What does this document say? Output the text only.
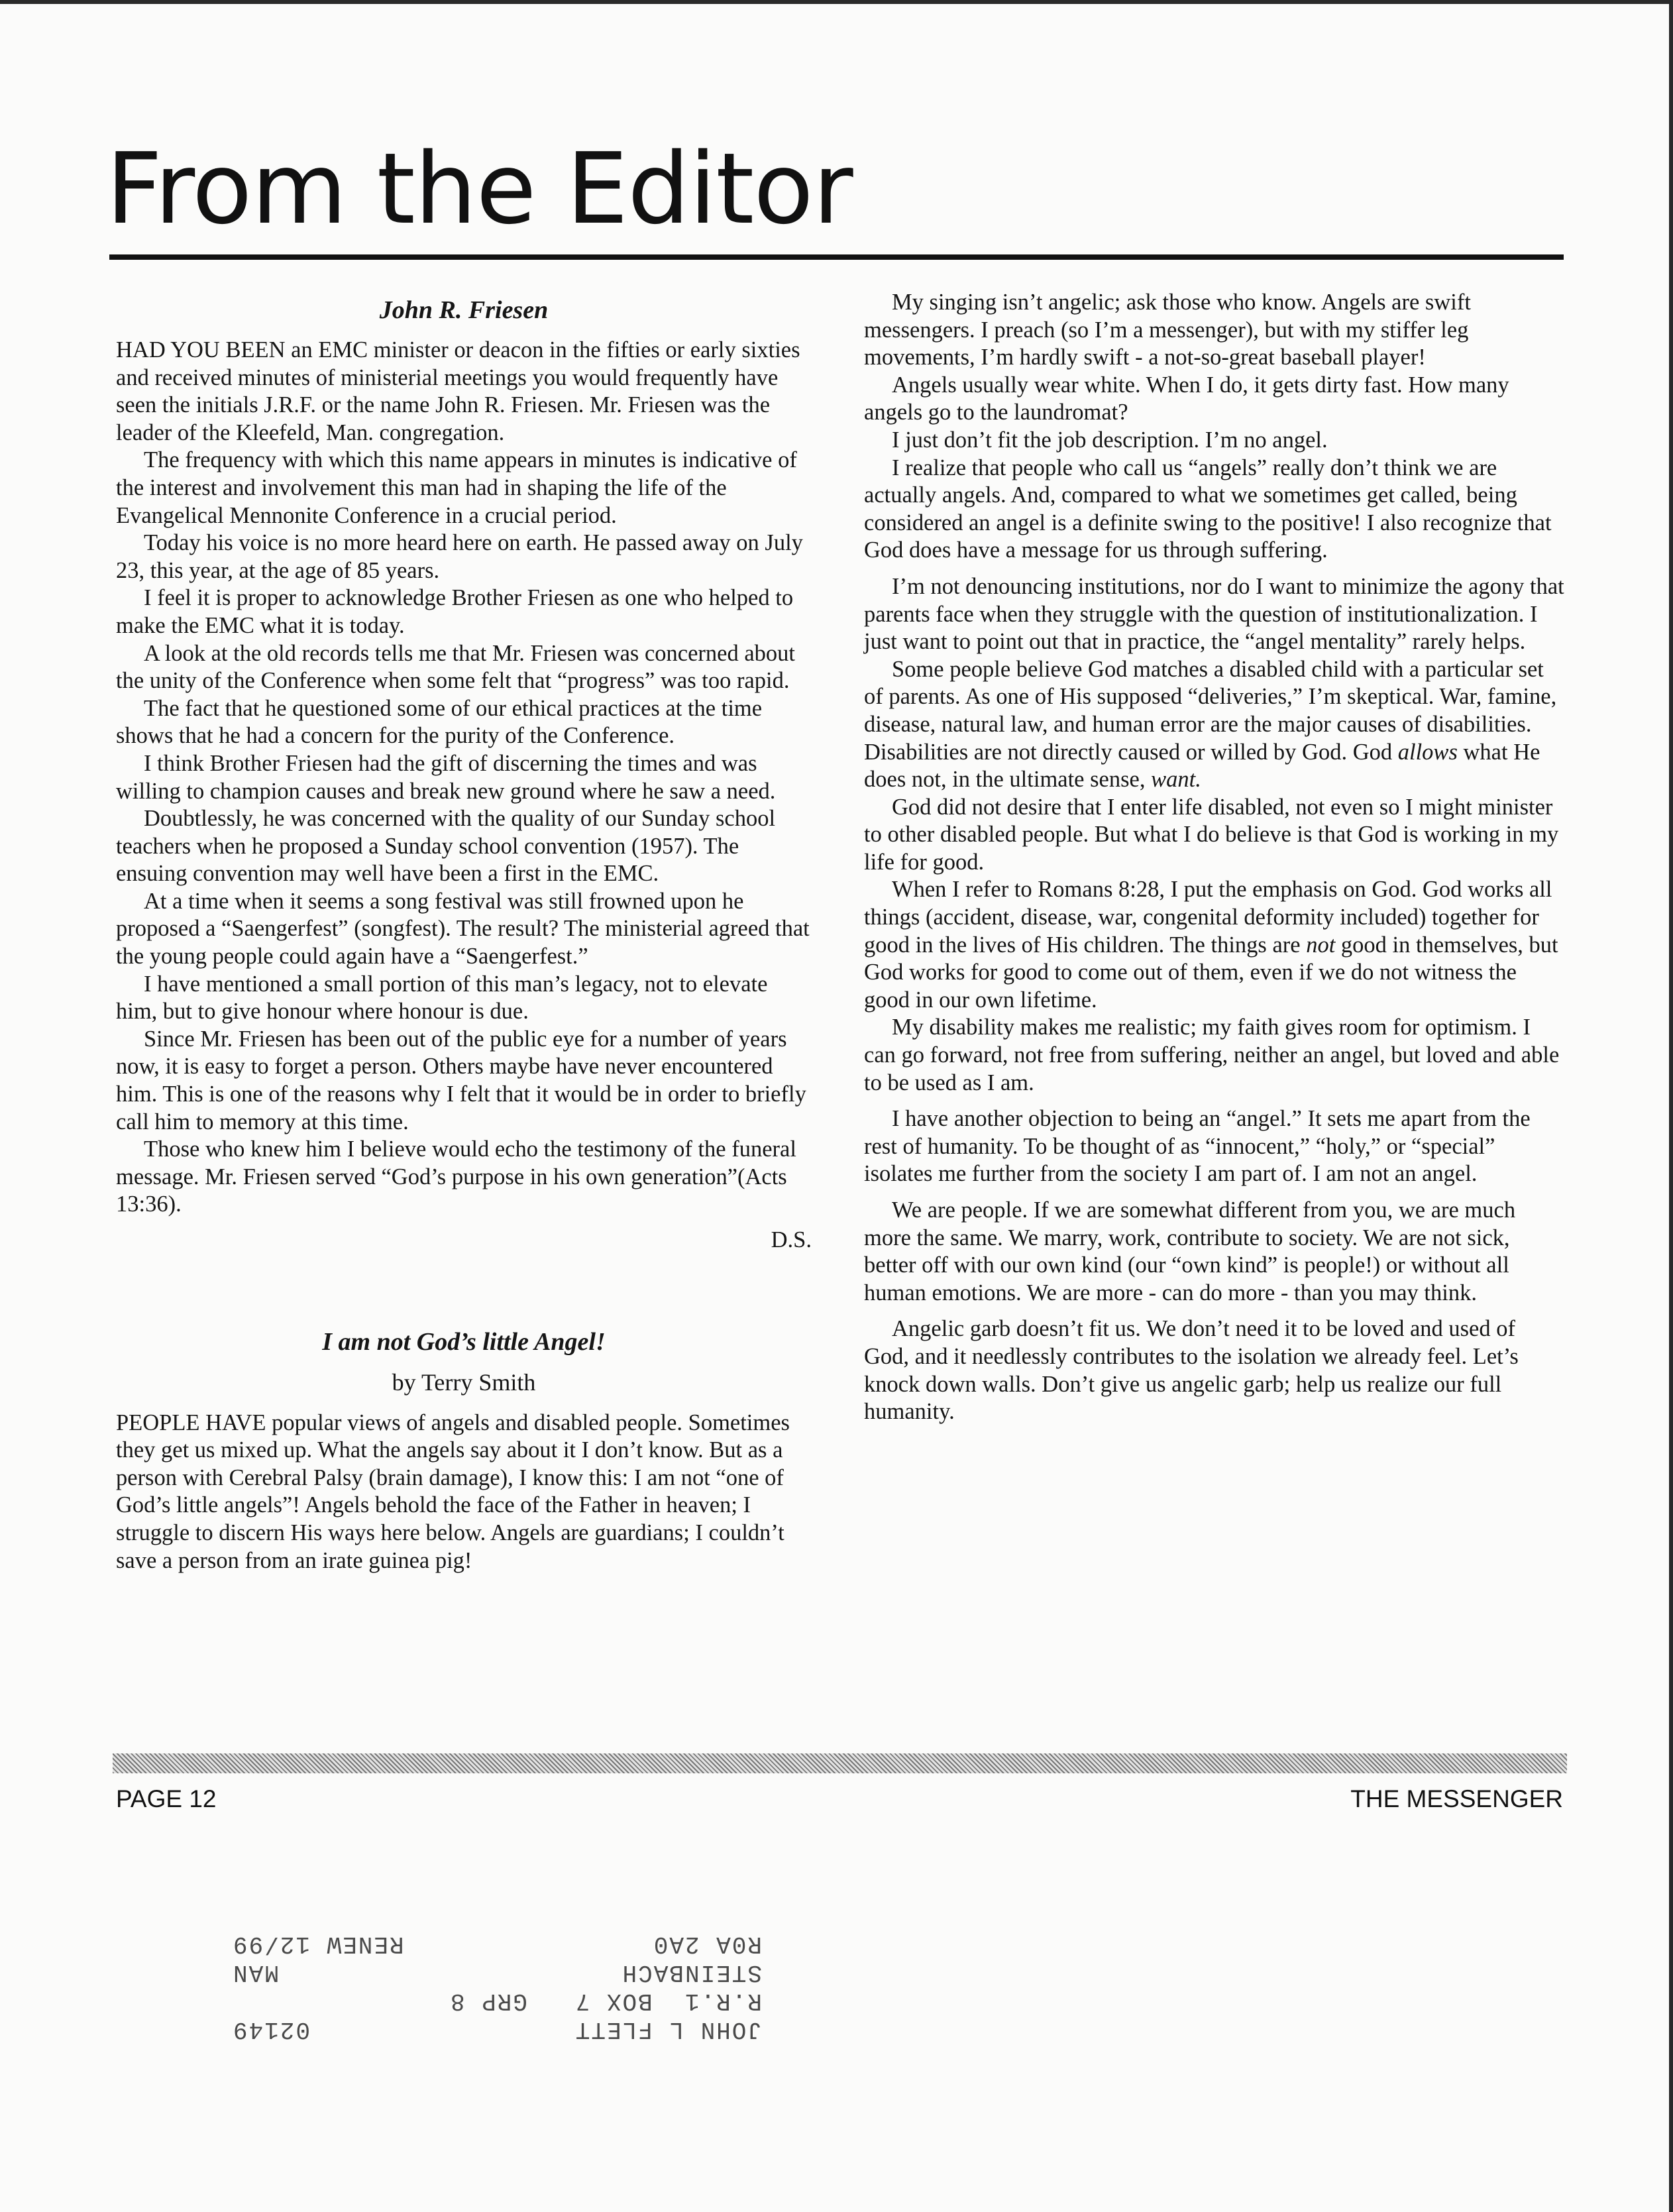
From the Editor
John R. Friesen

HAD YOU BEEN an EMC minister or deacon in the fifties or early sixties and received minutes of ministerial meetings you would frequently have seen the initials J.R.F. or the name John R. Friesen. Mr. Friesen was the leader of the Kleefeld, Man. congregation.

The frequency with which this name appears in minutes is indicative of the interest and involvement this man had in shaping the life of the Evangelical Mennonite Conference in a crucial period.

Today his voice is no more heard here on earth. He passed away on July 23, this year, at the age of 85 years.

I feel it is proper to acknowledge Brother Friesen as one who helped to make the EMC what it is today.

A look at the old records tells me that Mr. Friesen was concerned about the unity of the Conference when some felt that “progress” was too rapid.

The fact that he questioned some of our ethical practices at the time shows that he had a concern for the purity of the Conference.

I think Brother Friesen had the gift of discerning the times and was willing to champion causes and break new ground where he saw a need.

Doubtlessly, he was concerned with the quality of our Sunday school teachers when he proposed a Sunday school convention (1957). The ensuing convention may well have been a first in the EMC.

At a time when it seems a song festival was still frowned upon he proposed a “Saengerfest” (songfest). The result? The ministerial agreed that the young people could again have a “Saengerfest.”

I have mentioned a small portion of this man’s legacy, not to elevate him, but to give honour where honour is due.

Since Mr. Friesen has been out of the public eye for a number of years now, it is easy to forget a person. Others maybe have never encountered him. This is one of the reasons why I felt that it would be in order to briefly call him to memory at this time.

Those who knew him I believe would echo the testimony of the funeral message. Mr. Friesen served “God’s purpose in his own generation”(Acts 13:36).

D.S.

I am not God’s little Angel!
by Terry Smith

PEOPLE HAVE popular views of angels and disabled people. Sometimes they get us mixed up. What the angels say about it I don’t know. But as a person with Cerebral Palsy (brain damage), I know this: I am not “one of God’s little angels”! Angels behold the face of the Father in heaven; I struggle to discern His ways here below. Angels are guardians; I couldn’t save a person from an irate guinea pig!

My singing isn’t angelic; ask those who know. Angels are swift messengers. I preach (so I’m a messenger), but with my stiffer leg movements, I’m hardly swift - a not-so-great baseball player!

Angels usually wear white. When I do, it gets dirty fast. How many angels go to the laundromat?

I just don’t fit the job description. I’m no angel.

I realize that people who call us “angels” really don’t think we are actually angels. And, compared to what we sometimes get called, being considered an angel is a definite swing to the positive! I also recognize that God does have a message for us through suffering.

I’m not denouncing institutions, nor do I want to minimize the agony that parents face when they struggle with the question of institutionalization. I just want to point out that in practice, the “angel mentality” rarely helps.

Some people believe God matches a disabled child with a particular set of parents. As one of His supposed “deliveries,” I’m skeptical. War, famine, disease, natural law, and human error are the major causes of disabilities. Disabilities are not directly caused or willed by God. God allows what He does not, in the ultimate sense, want.

God did not desire that I enter life disabled, not even so I might minister to other disabled people. But what I do believe is that God is working in my life for good.

When I refer to Romans 8:28, I put the emphasis on God. God works all things (accident, disease, war, congenital deformity included) together for good in the lives of His children. The things are not good in themselves, but God works for good to come out of them, even if we do not witness the good in our own lifetime.

My disability makes me realistic; my faith gives room for optimism. I can go forward, not free from suffering, neither an angel, but loved and able to be used as I am.

I have another objection to being an “angel.” It sets me apart from the rest of humanity. To be thought of as “innocent,” “holy,” or “special” isolates me further from the society I am part of. I am not an angel.

We are people. If we are somewhat different from you, we are much more the same. We marry, work, contribute to society. We are not sick, better off with our own kind (our “own kind” is people!) or without all human emotions. We are more - can do more - than you may think.

Angelic garb doesn’t fit us. We don’t need it to be loved and used of God, and it needlessly contributes to the isolation we already feel. Let’s knock down walls. Don’t give us angelic garb; help us realize our full humanity.

PAGE 12	THE MESSENGER
JOHN L FLETT
02149
R.R.1  BOX 7   GRP 8
STEINBACH
MAN
R0A 2A0
RENEW 12/99
